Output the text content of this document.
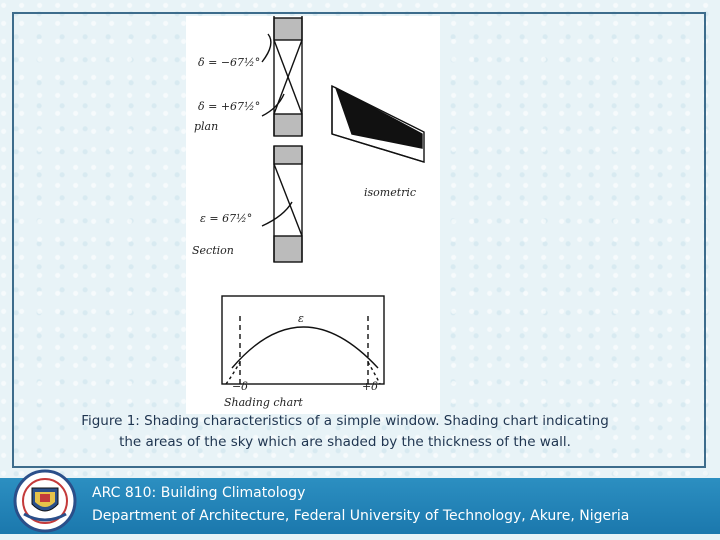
δ = −67½°
δ = +67½°
plan
isometric
ε = 67½°
Section
ε
−δ	+δ
Shading chart
Figure 1: Shading characteristics of a simple window. Shading chart indicating
the areas of the sky which are shaded by the thickness of the wall.
ARC 810: Building Climatology
Department of Architecture, Federal University of Technology, Akure, Nigeria
